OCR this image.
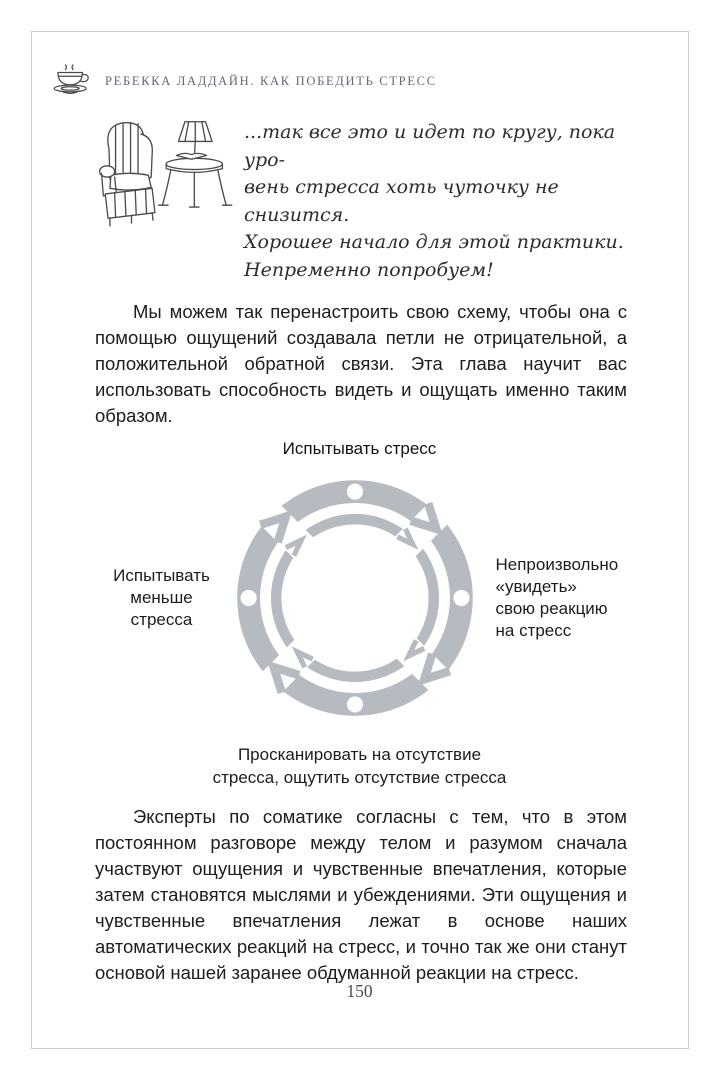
РЕБЕККА ЛАДДАЙН. КАК ПОБЕДИТЬ СТРЕСС
...так все это и идет по кругу, пока уро-
вень стресса хоть чуточку не снизится.
Хорошее начало для этой практики.
Непременно попробуем!

Мы можем так перенастроить свою схему, чтобы она с помощью ощущений создавала петли не отрицательной, а положительной обратной связи. Эта глава научит вас использовать способность видеть и ощущать именно таким образом.

Испытывать стресс
Испытывать меньше стресса
Непроизвольно «увидеть» свою реакцию на стресс
Просканировать на отсутствие стресса, ощутить отсутствие стресса

Эксперты по соматике согласны с тем, что в этом постоянном разговоре между телом и разумом сначала участвуют ощущения и чувственные впечатления, которые затем становятся мыслями и убеждениями. Эти ощущения и чувственные впечатления лежат в основе наших автоматических реакций на стресс, и точно так же они станут основой нашей заранее обдуманной реакции на стресс.

150
